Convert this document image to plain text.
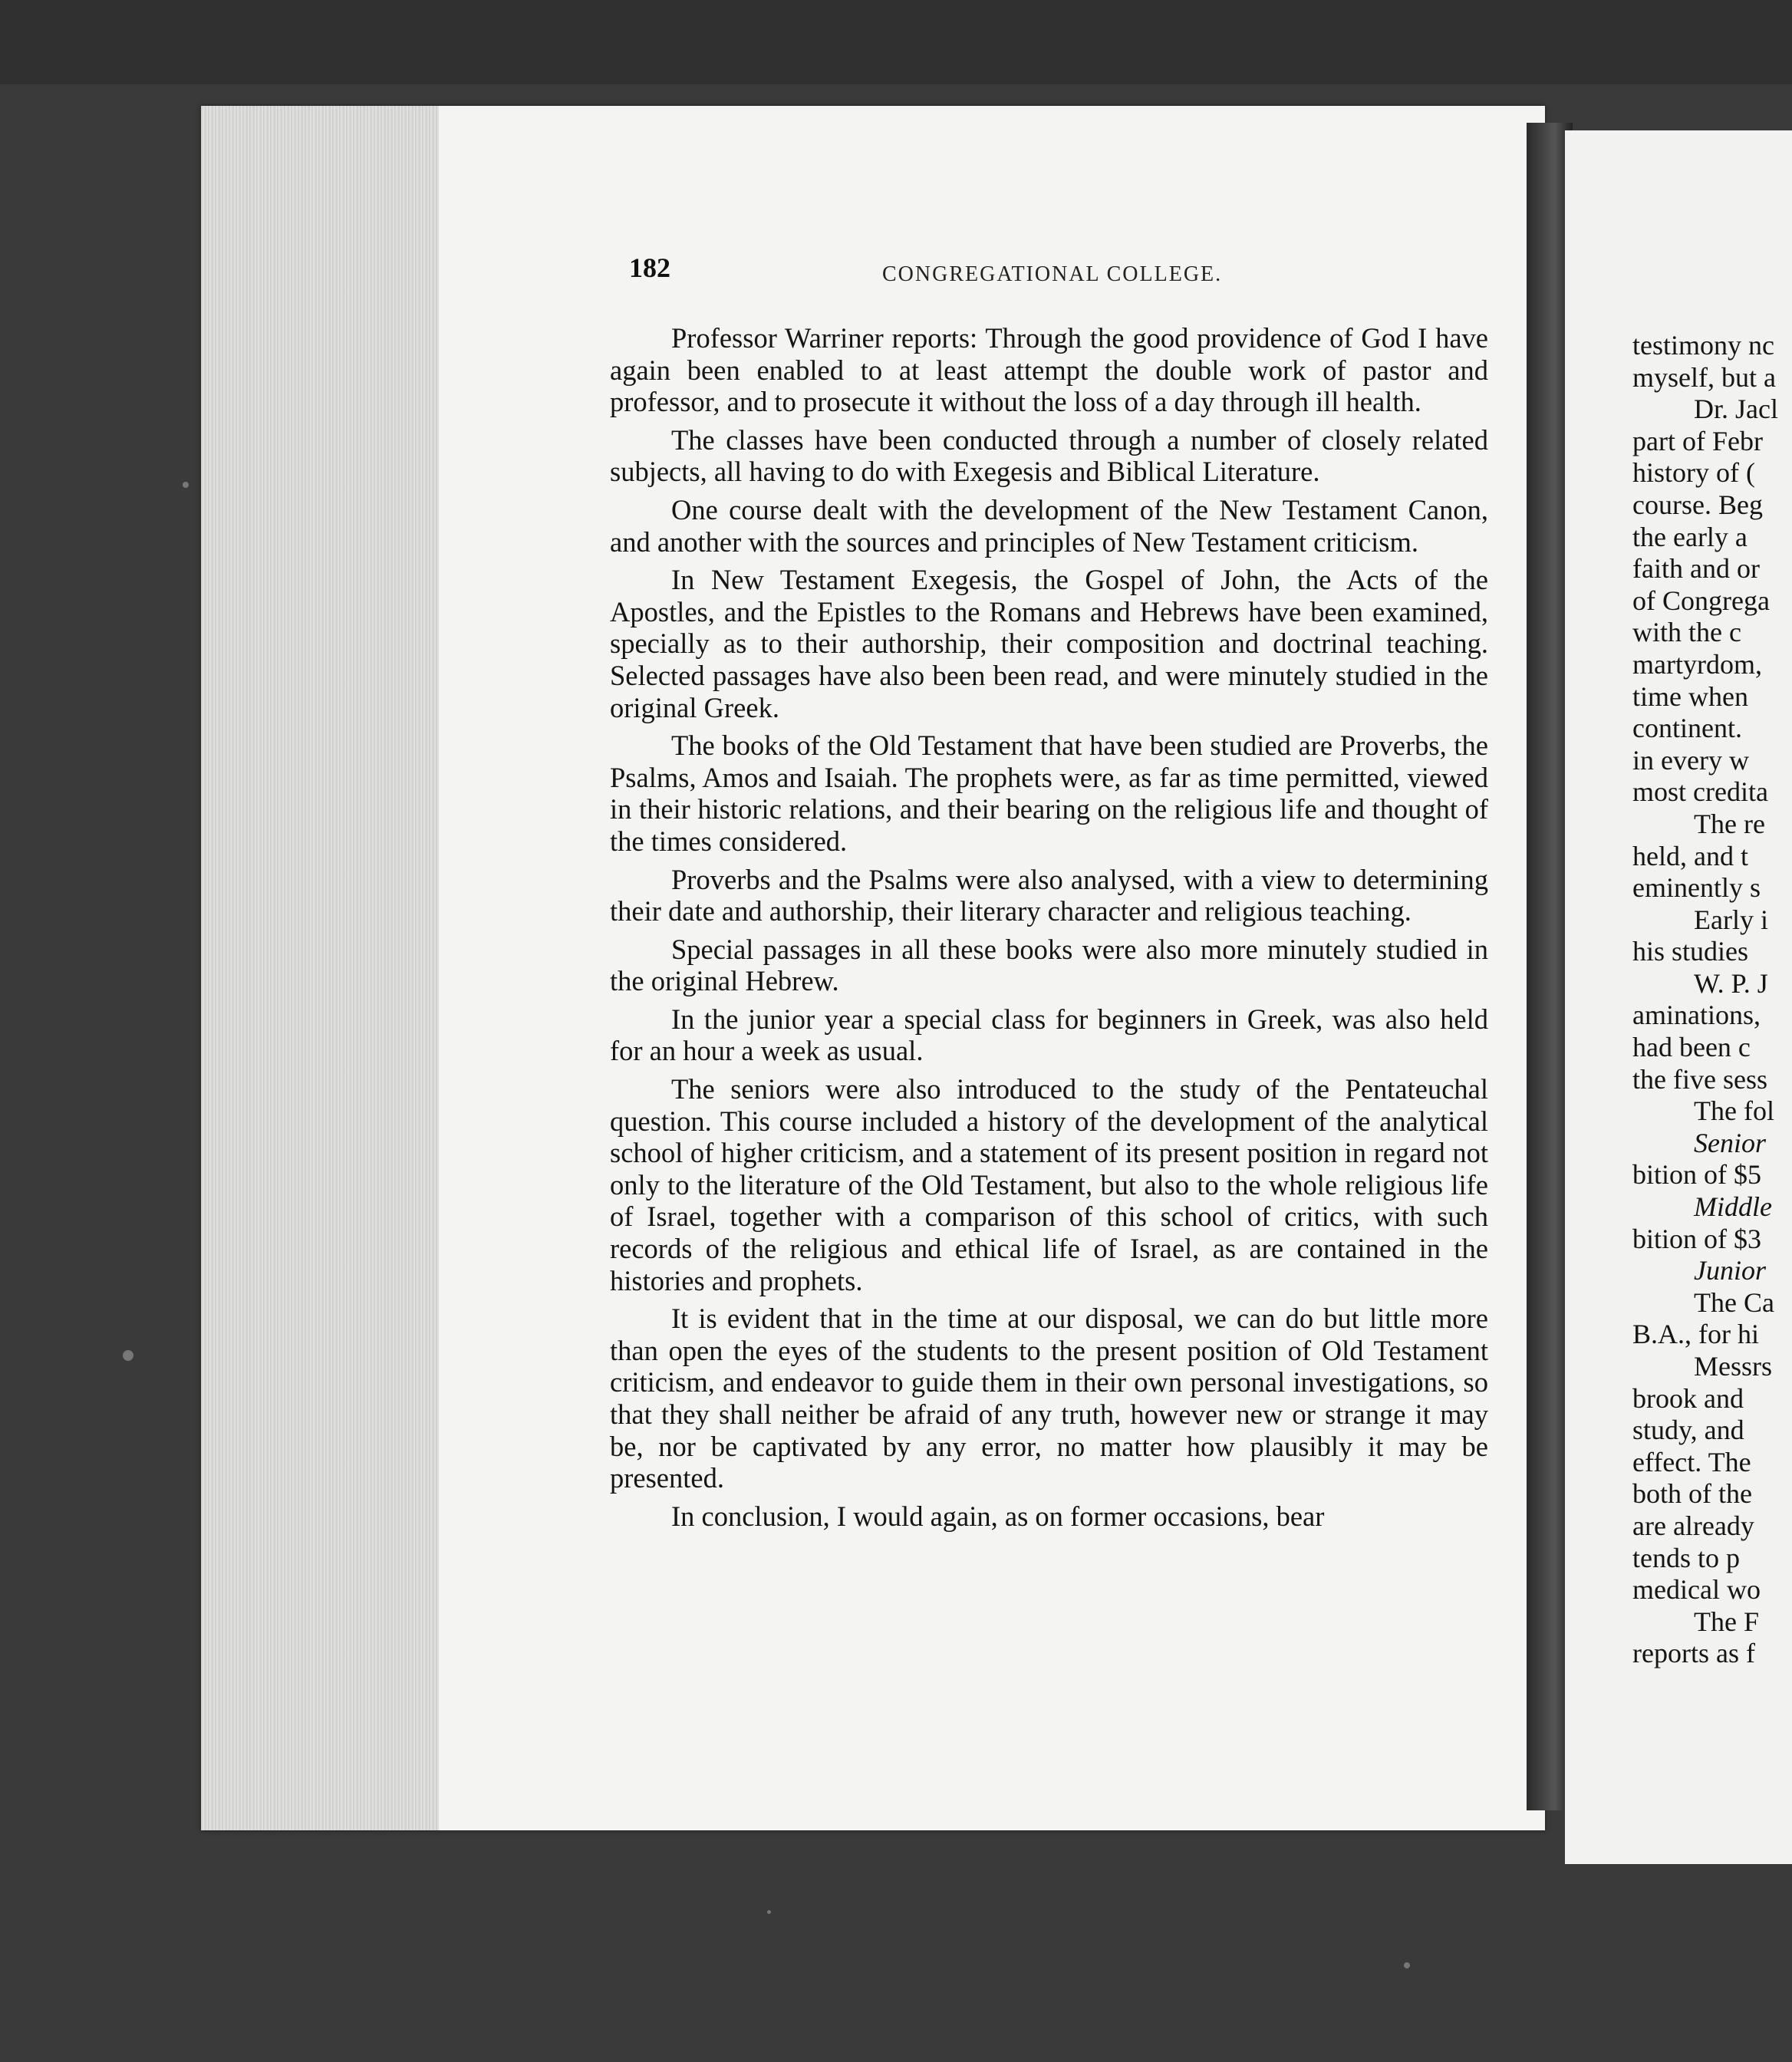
182	CONGREGATIONAL COLLEGE.

Professor Warriner reports: Through the good providence of God I have again been enabled to at least attempt the double work of pastor and professor, and to prosecute it without the loss of a day through ill health.

The classes have been conducted through a number of closely related subjects, all having to do with Exegesis and Biblical Literature.

One course dealt with the development of the New Testament Canon, and another with the sources and principles of New Testament criticism.

In New Testament Exegesis, the Gospel of John, the Acts of the Apostles, and the Epistles to the Romans and Hebrews have been examined, specially as to their authorship, their composition and doctrinal teaching. Selected passages have also been been read, and were minutely studied in the original Greek.

The books of the Old Testament that have been studied are Proverbs, the Psalms, Amos and Isaiah. The prophets were, as far as time permitted, viewed in their historic relations, and their bearing on the religious life and thought of the times considered.

Proverbs and the Psalms were also analysed, with a view to determining their date and authorship, their literary character and religious teaching.

Special passages in all these books were also more minutely studied in the original Hebrew.

In the junior year a special class for beginners in Greek, was also held for an hour a week as usual.

The seniors were also introduced to the study of the Pentateuchal question. This course included a history of the development of the analytical school of higher criticism, and a statement of its present position in regard not only to the literature of the Old Testament, but also to the whole religious life of Israel, together with a comparison of this school of critics, with such records of the religious and ethical life of Israel, as are contained in the histories and prophets.

It is evident that in the time at our disposal, we can do but little more than open the eyes of the students to the present position of Old Testament criticism, and endeavor to guide them in their own personal investigations, so that they shall neither be afraid of any truth, however new or strange it may be, nor be captivated by any error, no matter how plausibly it may be presented.

In conclusion, I would again, as on former occasions, bear

testimony nc
myself, but a
Dr. Jacl
part of Febr
history of (
course. Beg
the early a
faith and or
of Congrega
with the c
martyrdom,
time when
continent.
in every w
most credita
The re
held, and t
eminently s
Early i
his studies
W. P. J
aminations,
had been c
the five sess
The fol
Senior
bition of $5
Middle
bition of $3
Junior
The Ca
B.A., for hi
Messrs
brook and
study, and
effect. The
both of the
are already
tends to p
medical wo
The F
reports as f
